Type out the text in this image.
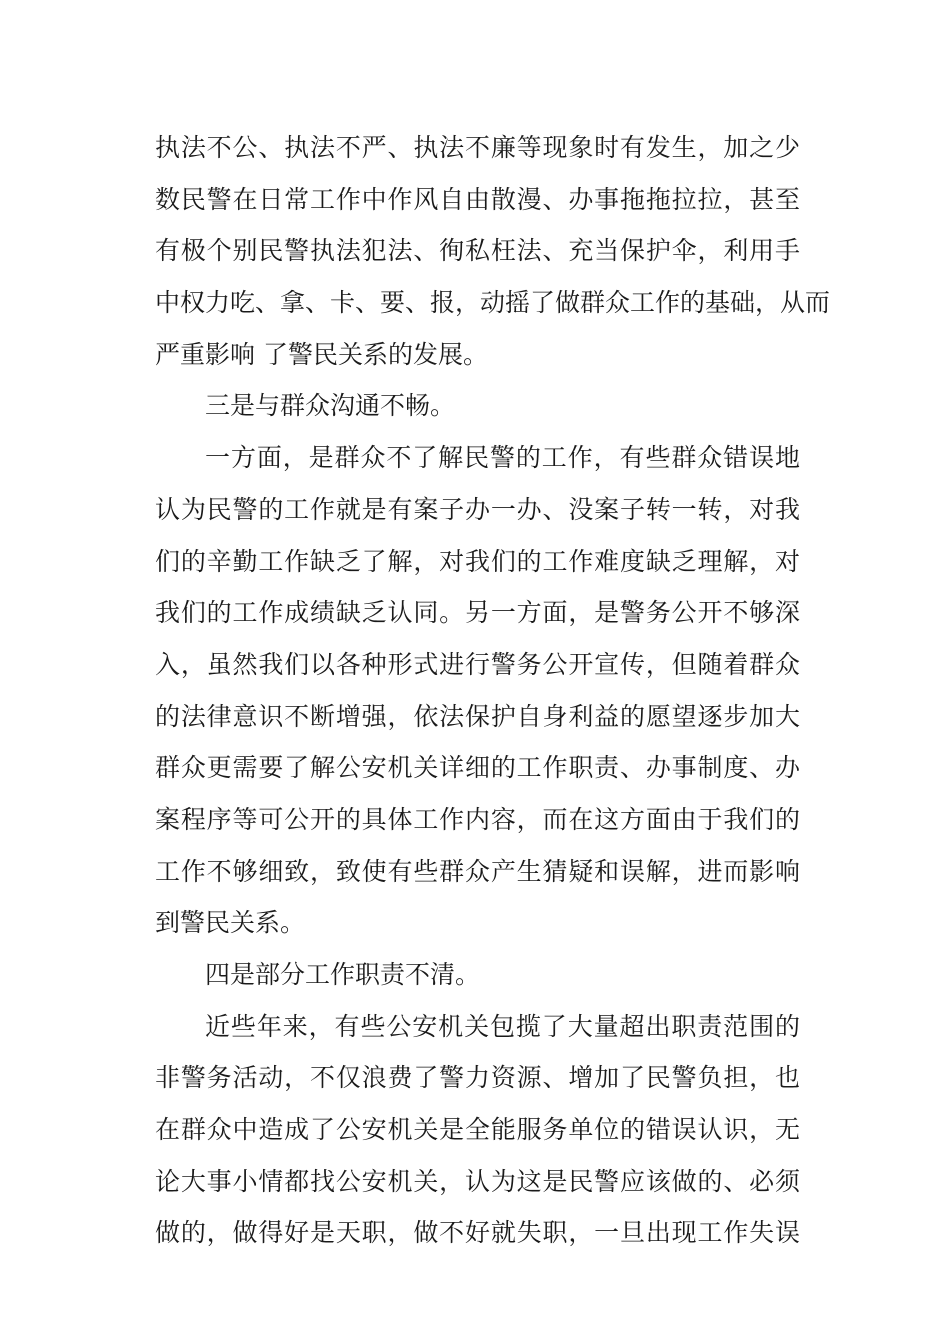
执法不公、执法不严、执法不廉等现象时有发生，加之少
数民警在日常工作中作风自由散漫、办事拖拖拉拉，甚至
有极个别民警执法犯法、徇私枉法、充当保护伞，利用手
中权力吃、拿、卡、要、报，动摇了做群众工作的基础，从而
严重影响 了警民关系的发展。
三是与群众沟通不畅。
一方面，是群众不了解民警的工作，有些群众错误地
认为民警的工作就是有案子办一办、没案子转一转，对我
们的辛勤工作缺乏了解，对我们的工作难度缺乏理解，对
我们的工作成绩缺乏认同。另一方面，是警务公开不够深
入，虽然我们以各种形式进行警务公开宣传，但随着群众
的法律意识不断增强，依法保护自身利益的愿望逐步加大
群众更需要了解公安机关详细的工作职责、办事制度、办
案程序等可公开的具体工作内容，而在这方面由于我们的
工作不够细致，致使有些群众产生猜疑和误解，进而影响
到警民关系。
四是部分工作职责不清。
近些年来，有些公安机关包揽了大量超出职责范围的
非警务活动，不仅浪费了警力资源、增加了民警负担，也
在群众中造成了公安机关是全能服务单位的错误认识，无
论大事小情都找公安机关，认为这是民警应该做的、必须
做的，做得好是天职，做不好就失职，一旦出现工作失误
